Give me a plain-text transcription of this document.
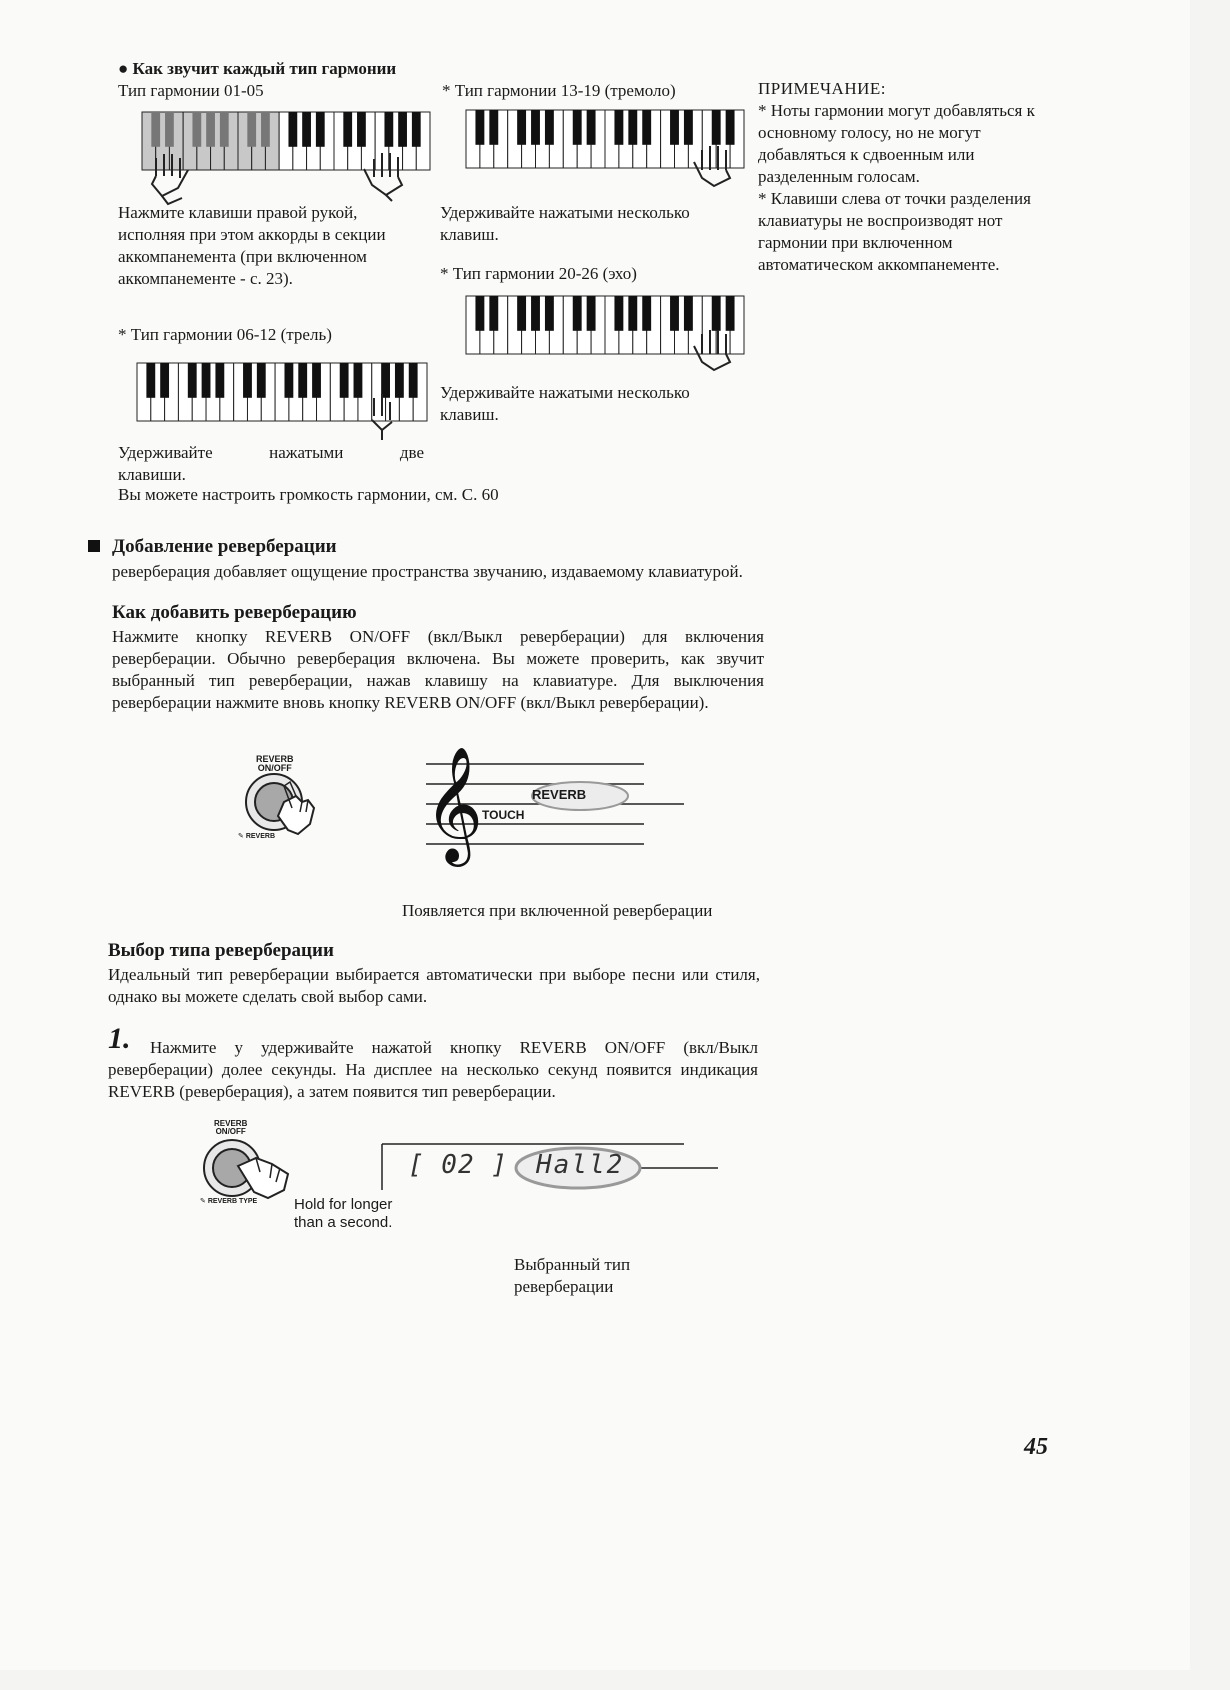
● Как звучит каждый тип гармонии
Тип гармонии 01-05
Нажмите клавиши правой рукой, исполняя при этом аккорды в секции аккомпанемента (при включенном аккомпанементе - с. 23).
* Тип гармонии 06-12 (трель)
Удерживайте нажатыми две
клавиши.
Вы можете настроить громкость гармонии, см. С. 60
* Тип гармонии 13-19 (тремоло)
Удерживайте нажатыми несколько клавиш.
* Тип гармонии 20-26 (эхо)
Удерживайте нажатыми несколько клавиш.
ПРИМЕЧАНИЕ:
* Ноты гармонии могут добавляться к основному голосу, но не могут добавляться к сдвоенным или разделенным голосам.
* Клавиши слева от точки разделения клавиатуры не воспроизводят нот гармонии при включенном автоматическом аккомпанементе.
Добавление реверберации
реверберация добавляет ощущение пространства звучанию, издаваемому клавиатурой.
Как добавить реверберацию
Нажмите кнопку REVERB ON/OFF (вкл/Выкл реверберации) для включения реверберации. Обычно реверберация включена. Вы можете проверить, как звучит выбранный тип реверберации, нажав клавишу на клавиатуре. Для выключения реверберации нажмите вновь кнопку REVERB ON/OFF (вкл/Выкл реверберации).
REVERB
ON/OFF
✎ REVERB 𝄞	REVERB
TOUCH
Появляется при включенной реверберации
Выбор типа реверберации
Идеальный тип реверберации выбирается автоматически при выборе песни или стиля, однако вы можете сделать свой выбор сами.
1.	Нажмите у удерживайте нажатой кнопку REVERB ON/OFF (вкл/Выкл реверберации) долее секунды. На дисплее на несколько секунд появится индикация REVERB (реверберация), а затем появится тип реверберации.
REVERB
ON/OFF
✎ REVERB TYPE Hold for longer
than a second.
[ 02 ] Hall2
Выбранный тип
реверберации
45
